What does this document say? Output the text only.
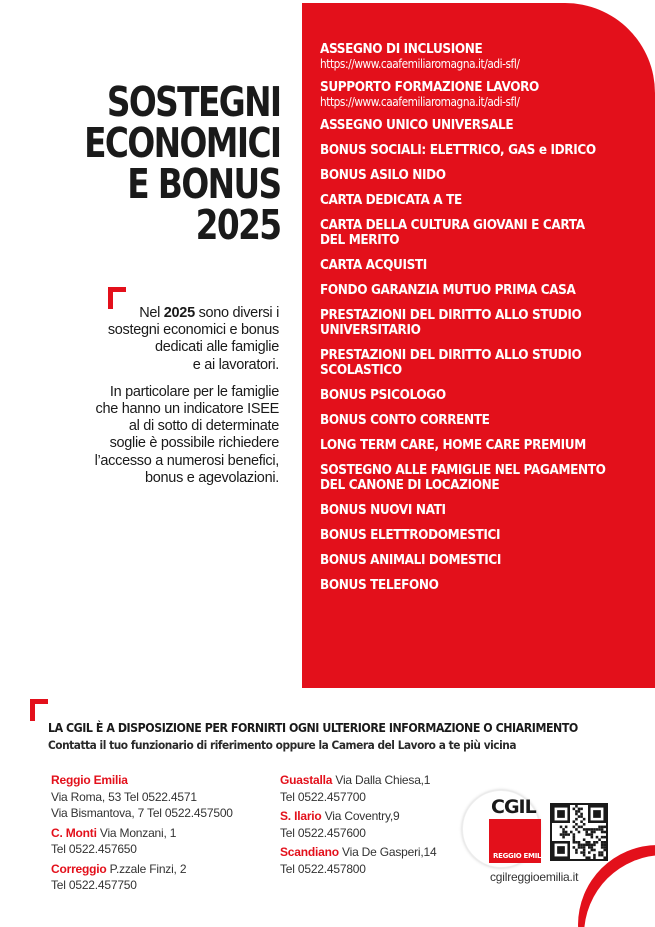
ASSEGNO DI INCLUSIONE
https://www.caafemiliaromagna.it/adi-sfl/
SUPPORTO FORMAZIONE LAVORO
https://www.caafemiliaromagna.it/adi-sfl/
ASSEGNO UNICO UNIVERSALE
BONUS SOCIALI: ELETTRICO, GAS e IDRICO
BONUS ASILO NIDO
CARTA DEDICATA A TE
CARTA DELLA CULTURA GIOVANI E CARTA
DEL MERITO
CARTA ACQUISTI
FONDO GARANZIA MUTUO PRIMA CASA
PRESTAZIONI DEL DIRITTO ALLO STUDIO
UNIVERSITARIO
PRESTAZIONI DEL DIRITTO ALLO STUDIO
SCOLASTICO
BONUS PSICOLOGO
BONUS CONTO CORRENTE
LONG TERM CARE, HOME CARE PREMIUM
SOSTEGNO ALLE FAMIGLIE NEL PAGAMENTO
DEL CANONE DI LOCAZIONE
BONUS NUOVI NATI
BONUS ELETTRODOMESTICI
BONUS ANIMALI DOMESTICI
BONUS TELEFONO
SOSTEGNI
ECONOMICI
E BONUS
2025

Nel 2025 sono diversi i
sostegni economici e bonus
dedicati alle famiglie
e ai lavoratori.

In particolare per le famiglie
che hanno un indicatore ISEE
al di sotto di determinate
soglie è possibile richiedere
l’accesso a numerosi benefici,
bonus e agevolazioni.

LA CGIL È A DISPOSIZIONE PER FORNIRTI OGNI ULTERIORE INFORMAZIONE O CHIARIMENTO
Contatta il tuo funzionario di riferimento oppure la Camera del Lavoro a te più vicina
Reggio Emilia
Via Roma, 53 Tel 0522.4571
Via Bismantova, 7 Tel 0522.457500
C. Monti Via Monzani, 1
Tel 0522.457650
Correggio P.zzale Finzi, 2
Tel 0522.457750
Guastalla Via Dalla Chiesa,1
Tel 0522.457700
S. Ilario Via Coventry,9
Tel 0522.457600
Scandiano Via De Gasperi,14
Tel 0522.457800
CGIL
REGGIO EMILIA
cgilreggioemilia.it
